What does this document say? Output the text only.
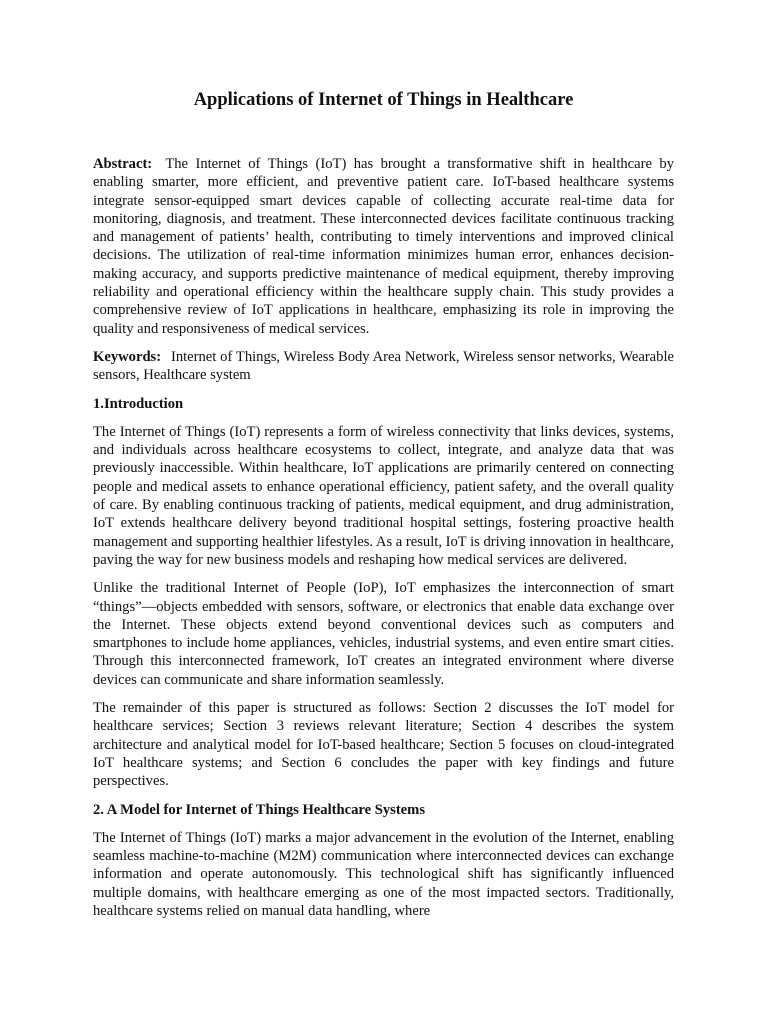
Applications of Internet of Things in Healthcare

Abstract: The Internet of Things (IoT) has brought a transformative shift in healthcare by enabling smarter, more efficient, and preventive patient care. IoT-based healthcare systems integrate sensor-equipped smart devices capable of collecting accurate real-time data for monitoring, diagnosis, and treatment. These interconnected devices facilitate continuous tracking and management of patients’ health, contributing to timely interventions and improved clinical decisions. The utilization of real-time information minimizes human error, enhances decision-making accuracy, and supports predictive maintenance of medical equipment, thereby improving reliability and operational efficiency within the healthcare supply chain. This study provides a comprehensive review of IoT applications in healthcare, emphasizing its role in improving the quality and responsiveness of medical services.

Keywords: Internet of Things, Wireless Body Area Network, Wireless sensor networks, Wearable sensors, Healthcare system

1.Introduction

The Internet of Things (IoT) represents a form of wireless connectivity that links devices, systems, and individuals across healthcare ecosystems to collect, integrate, and analyze data that was previously inaccessible. Within healthcare, IoT applications are primarily centered on connecting people and medical assets to enhance operational efficiency, patient safety, and the overall quality of care. By enabling continuous tracking of patients, medical equipment, and drug administration, IoT extends healthcare delivery beyond traditional hospital settings, fostering proactive health management and supporting healthier lifestyles. As a result, IoT is driving innovation in healthcare, paving the way for new business models and reshaping how medical services are delivered.

Unlike the traditional Internet of People (IoP), IoT emphasizes the interconnection of smart “things”—objects embedded with sensors, software, or electronics that enable data exchange over the Internet. These objects extend beyond conventional devices such as computers and smartphones to include home appliances, vehicles, industrial systems, and even entire smart cities. Through this interconnected framework, IoT creates an integrated environment where diverse devices can communicate and share information seamlessly.

The remainder of this paper is structured as follows: Section 2 discusses the IoT model for healthcare services; Section 3 reviews relevant literature; Section 4 describes the system architecture and analytical model for IoT-based healthcare; Section 5 focuses on cloud-integrated IoT healthcare systems; and Section 6 concludes the paper with key findings and future perspectives.

2. A Model for Internet of Things Healthcare Systems

The Internet of Things (IoT) marks a major advancement in the evolution of the Internet, enabling seamless machine-to-machine (M2M) communication where interconnected devices can exchange information and operate autonomously. This technological shift has significantly influenced multiple domains, with healthcare emerging as one of the most impacted sectors. Traditionally, healthcare systems relied on manual data handling, where
